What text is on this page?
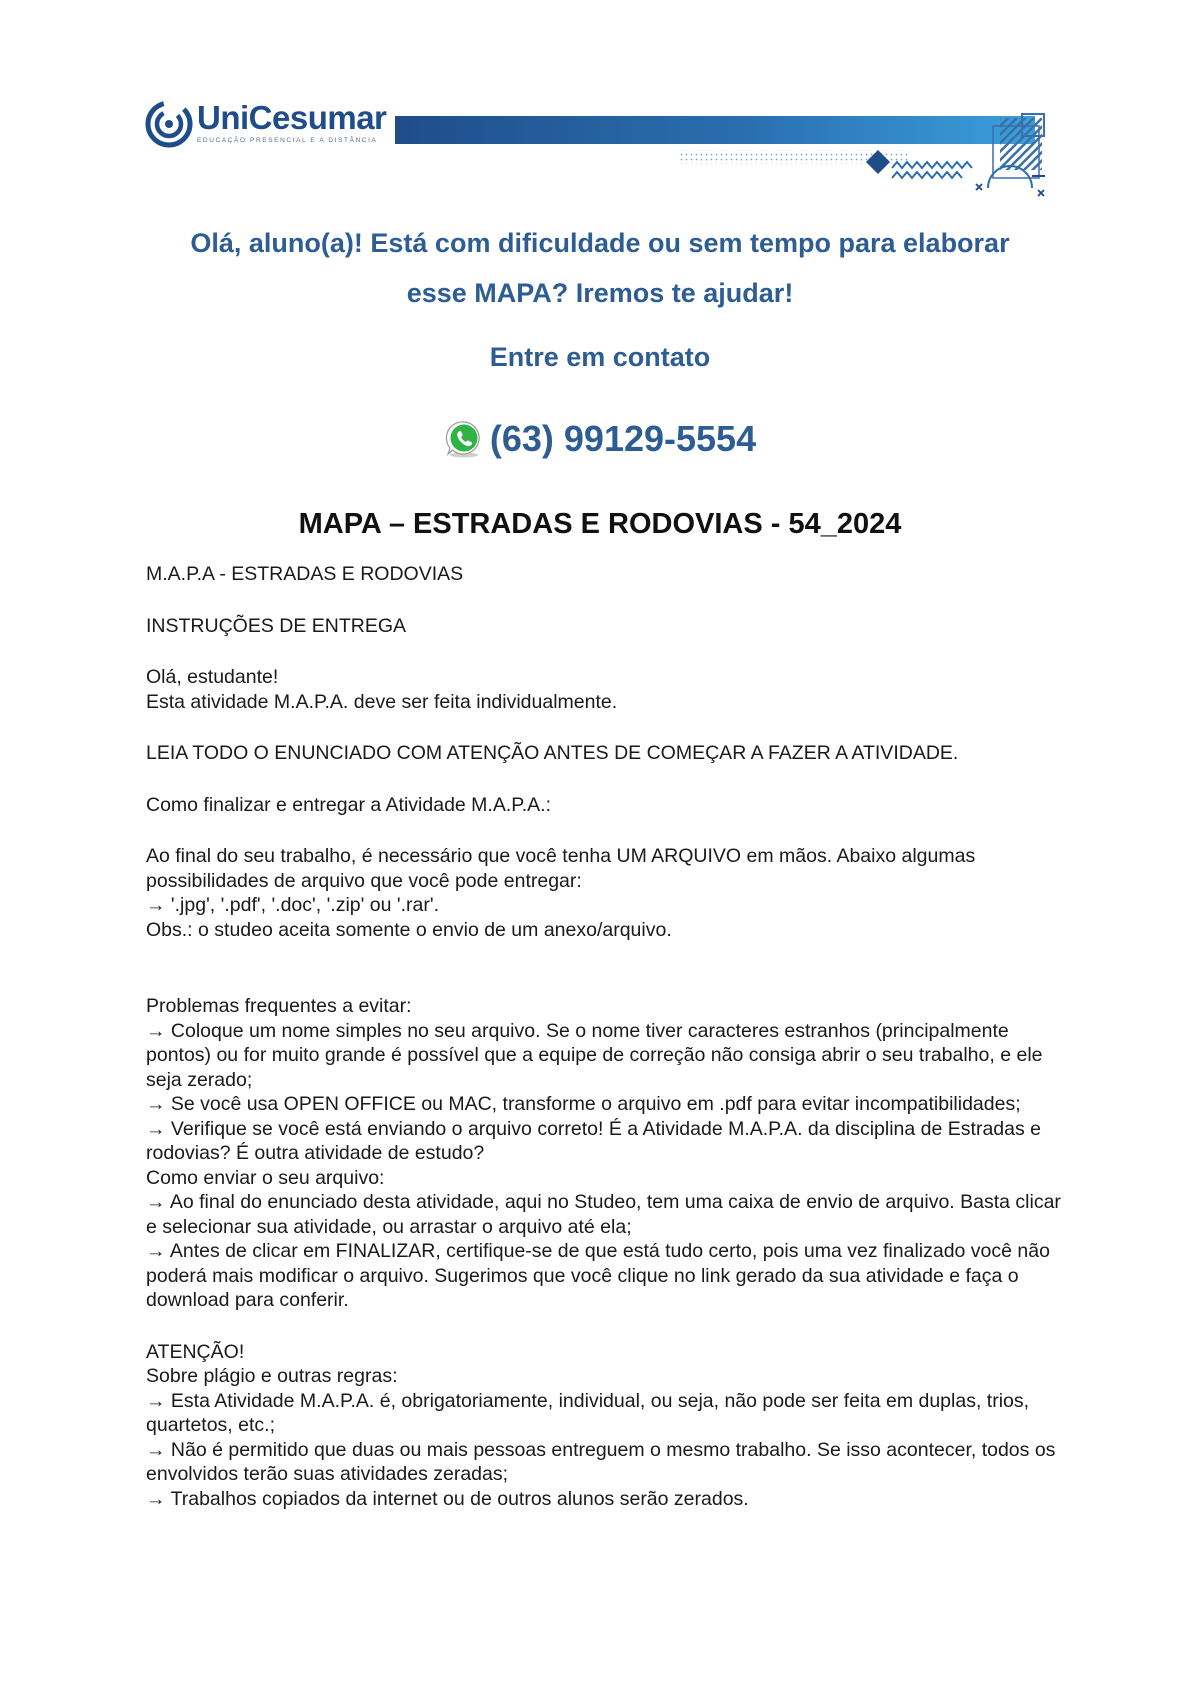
UniCesumar
EDUCAÇÃO PRESENCIAL E A DISTÂNCIA
Olá, aluno(a)! Está com dificuldade ou sem tempo para elaborar
esse MAPA? Iremos te ajudar!
Entre em contato
(63) 99129-5554
MAPA – ESTRADAS E RODOVIAS - 54_2024

M.A.P.A - ESTRADAS E RODOVIAS

INSTRUÇÕES DE ENTREGA

Olá, estudante!

Esta atividade M.A.P.A. deve ser feita individualmente.

LEIA TODO O ENUNCIADO COM ATENÇÃO ANTES DE COMEÇAR A FAZER A ATIVIDADE.

Como finalizar e entregar a Atividade M.A.P.A.:

Ao final do seu trabalho, é necessário que você tenha UM ARQUIVO em mãos. Abaixo algumas possibilidades de arquivo que você pode entregar:

→ '.jpg', '.pdf', '.doc', '.zip' ou '.rar'.

Obs.: o studeo aceita somente o envio de um anexo/arquivo.

Problemas frequentes a evitar:

→ Coloque um nome simples no seu arquivo. Se o nome tiver caracteres estranhos (principalmente pontos) ou for muito grande é possível que a equipe de correção não consiga abrir o seu trabalho, e ele seja zerado;

→ Se você usa OPEN OFFICE ou MAC, transforme o arquivo em .pdf para evitar incompatibilidades;

→ Verifique se você está enviando o arquivo correto! É a Atividade M.A.P.A. da disciplina de Estradas e rodovias? É outra atividade de estudo?

Como enviar o seu arquivo:

→ Ao final do enunciado desta atividade, aqui no Studeo, tem uma caixa de envio de arquivo. Basta clicar e selecionar sua atividade, ou arrastar o arquivo até ela;

→ Antes de clicar em FINALIZAR, certifique-se de que está tudo certo, pois uma vez finalizado você não poderá mais modificar o arquivo. Sugerimos que você clique no link gerado da sua atividade e faça o download para conferir.

ATENÇÃO!

Sobre plágio e outras regras:

→ Esta Atividade M.A.P.A. é, obrigatoriamente, individual, ou seja, não pode ser feita em duplas, trios, quartetos, etc.;

→ Não é permitido que duas ou mais pessoas entreguem o mesmo trabalho. Se isso acontecer, todos os envolvidos terão suas atividades zeradas;

→ Trabalhos copiados da internet ou de outros alunos serão zerados.
